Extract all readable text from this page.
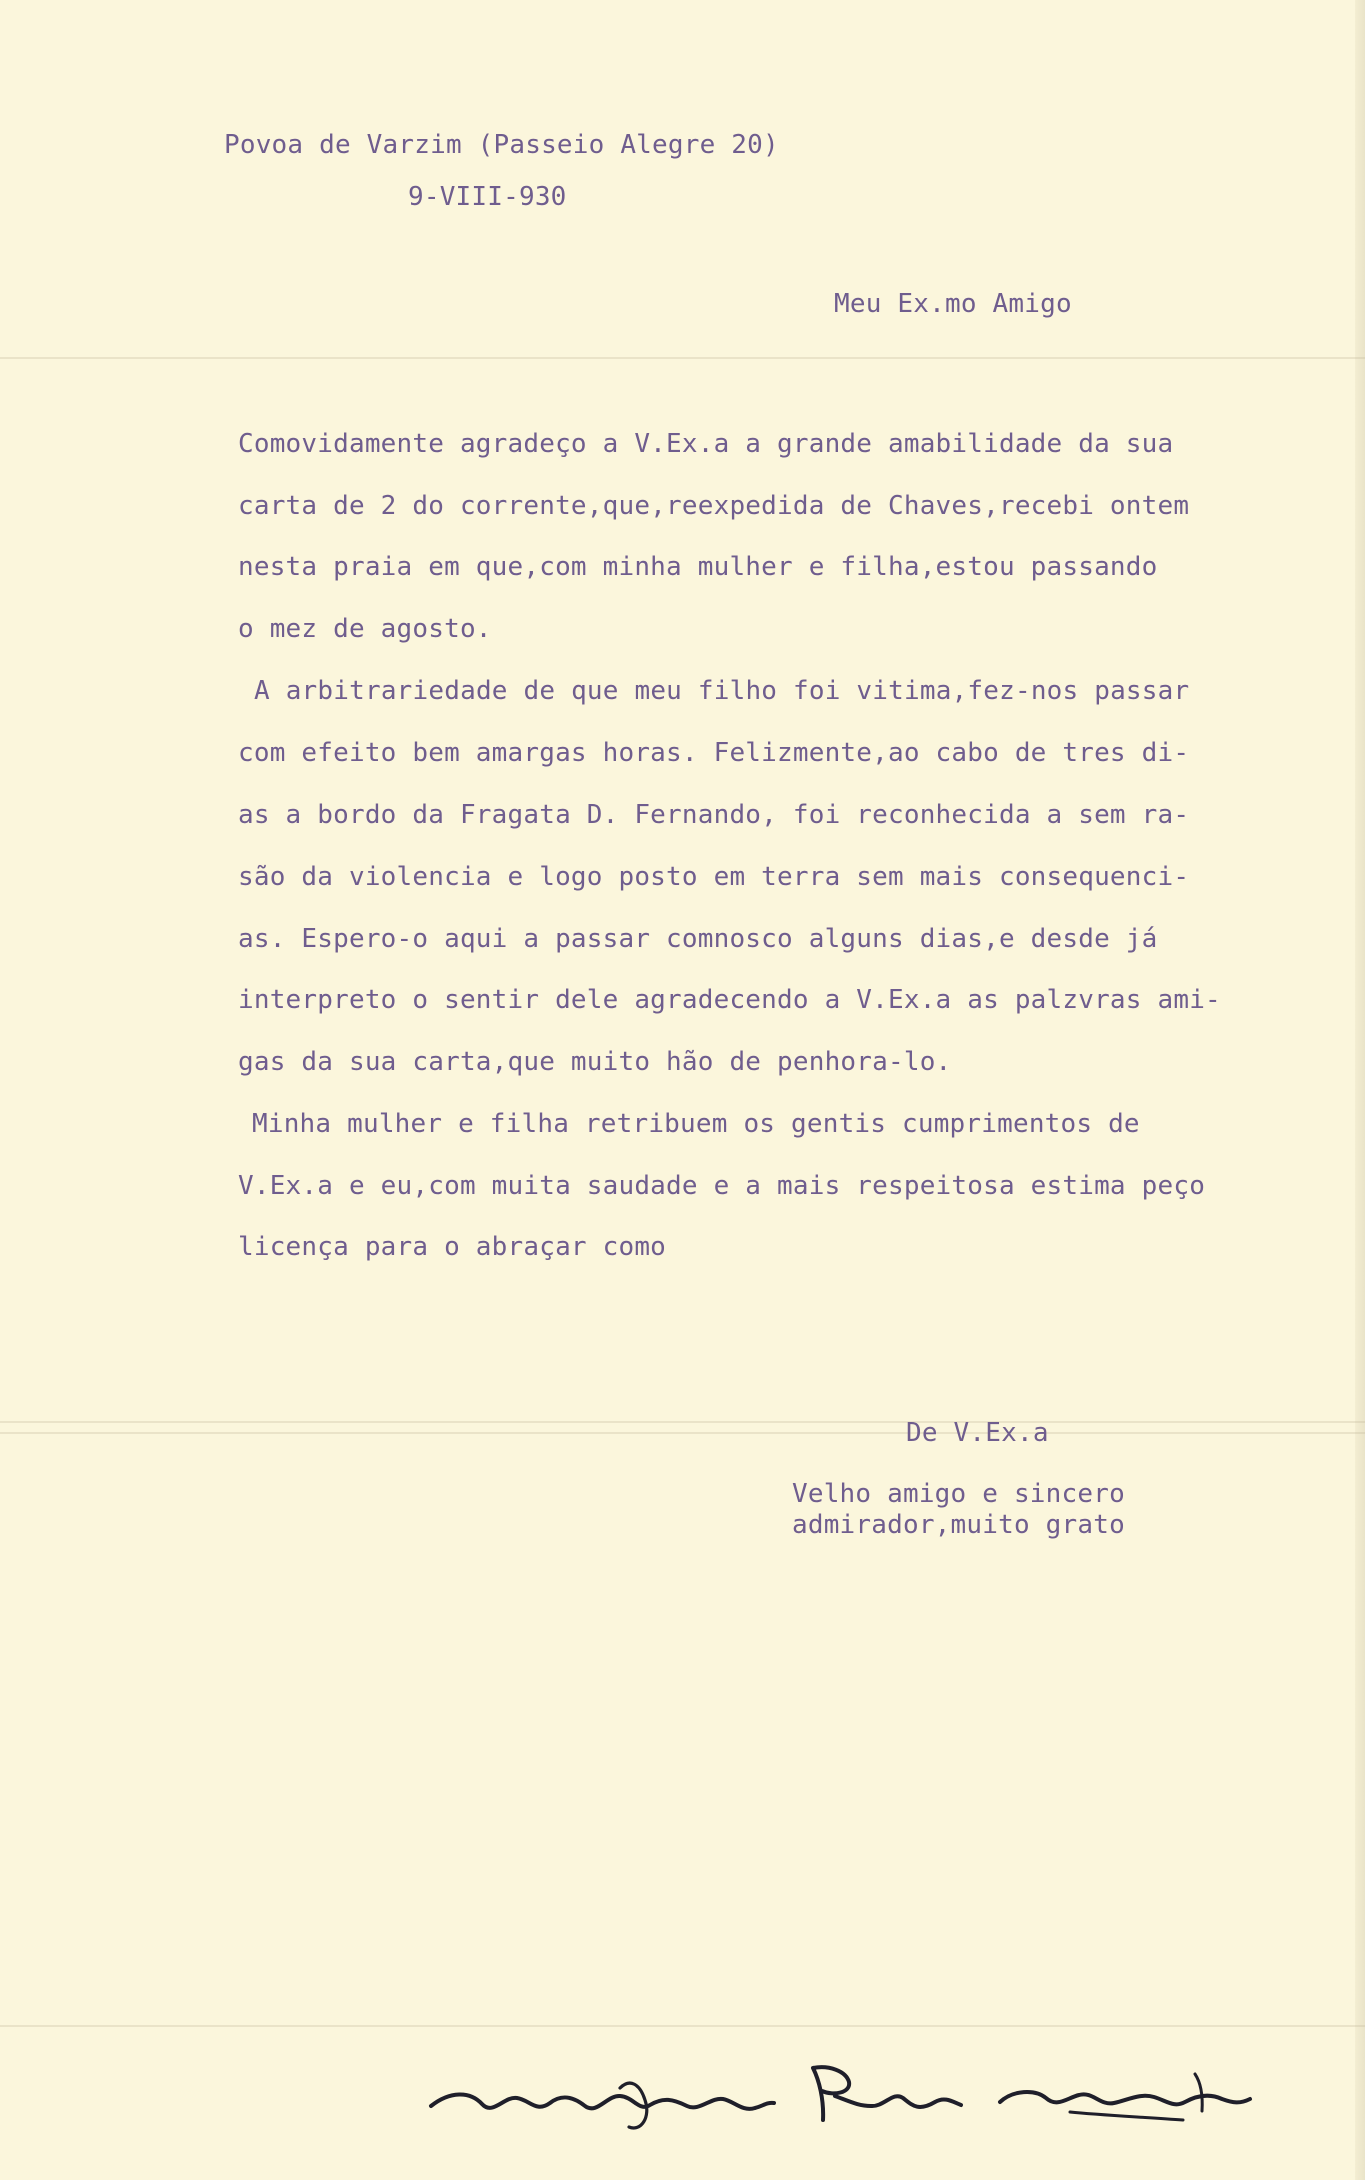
Povoa de Varzim (Passeio Alegre 20)
9-VIII-930
Meu Ex.mo Amigo
Comovidamente agradeço a V.Ex.a a grande amabilidade da sua
carta de 2 do corrente,que,reexpedida de Chaves,recebi ontem
nesta praia em que,com minha mulher e filha,estou passando
o mez de agosto.
A arbitrariedade de que meu filho foi vitima,fez-nos passar
com efeito bem amargas horas. Felizmente,ao cabo de tres di-
as a bordo da Fragata D. Fernando, foi reconhecida a sem ra-
são da violencia e logo posto em terra sem mais consequenci-
as. Espero-o aqui a passar comnosco alguns dias,e desde já
interpreto o sentir dele agradecendo a V.Ex.a as palzvras ami-
gas da sua carta,que muito hão de penhora-lo.
Minha mulher e filha retribuem os gentis cumprimentos de
V.Ex.a e eu,com muita saudade e a mais respeitosa estima peço
licença para o abraçar como
De V.Ex.a
Velho amigo e sincero
admirador,muito grato
